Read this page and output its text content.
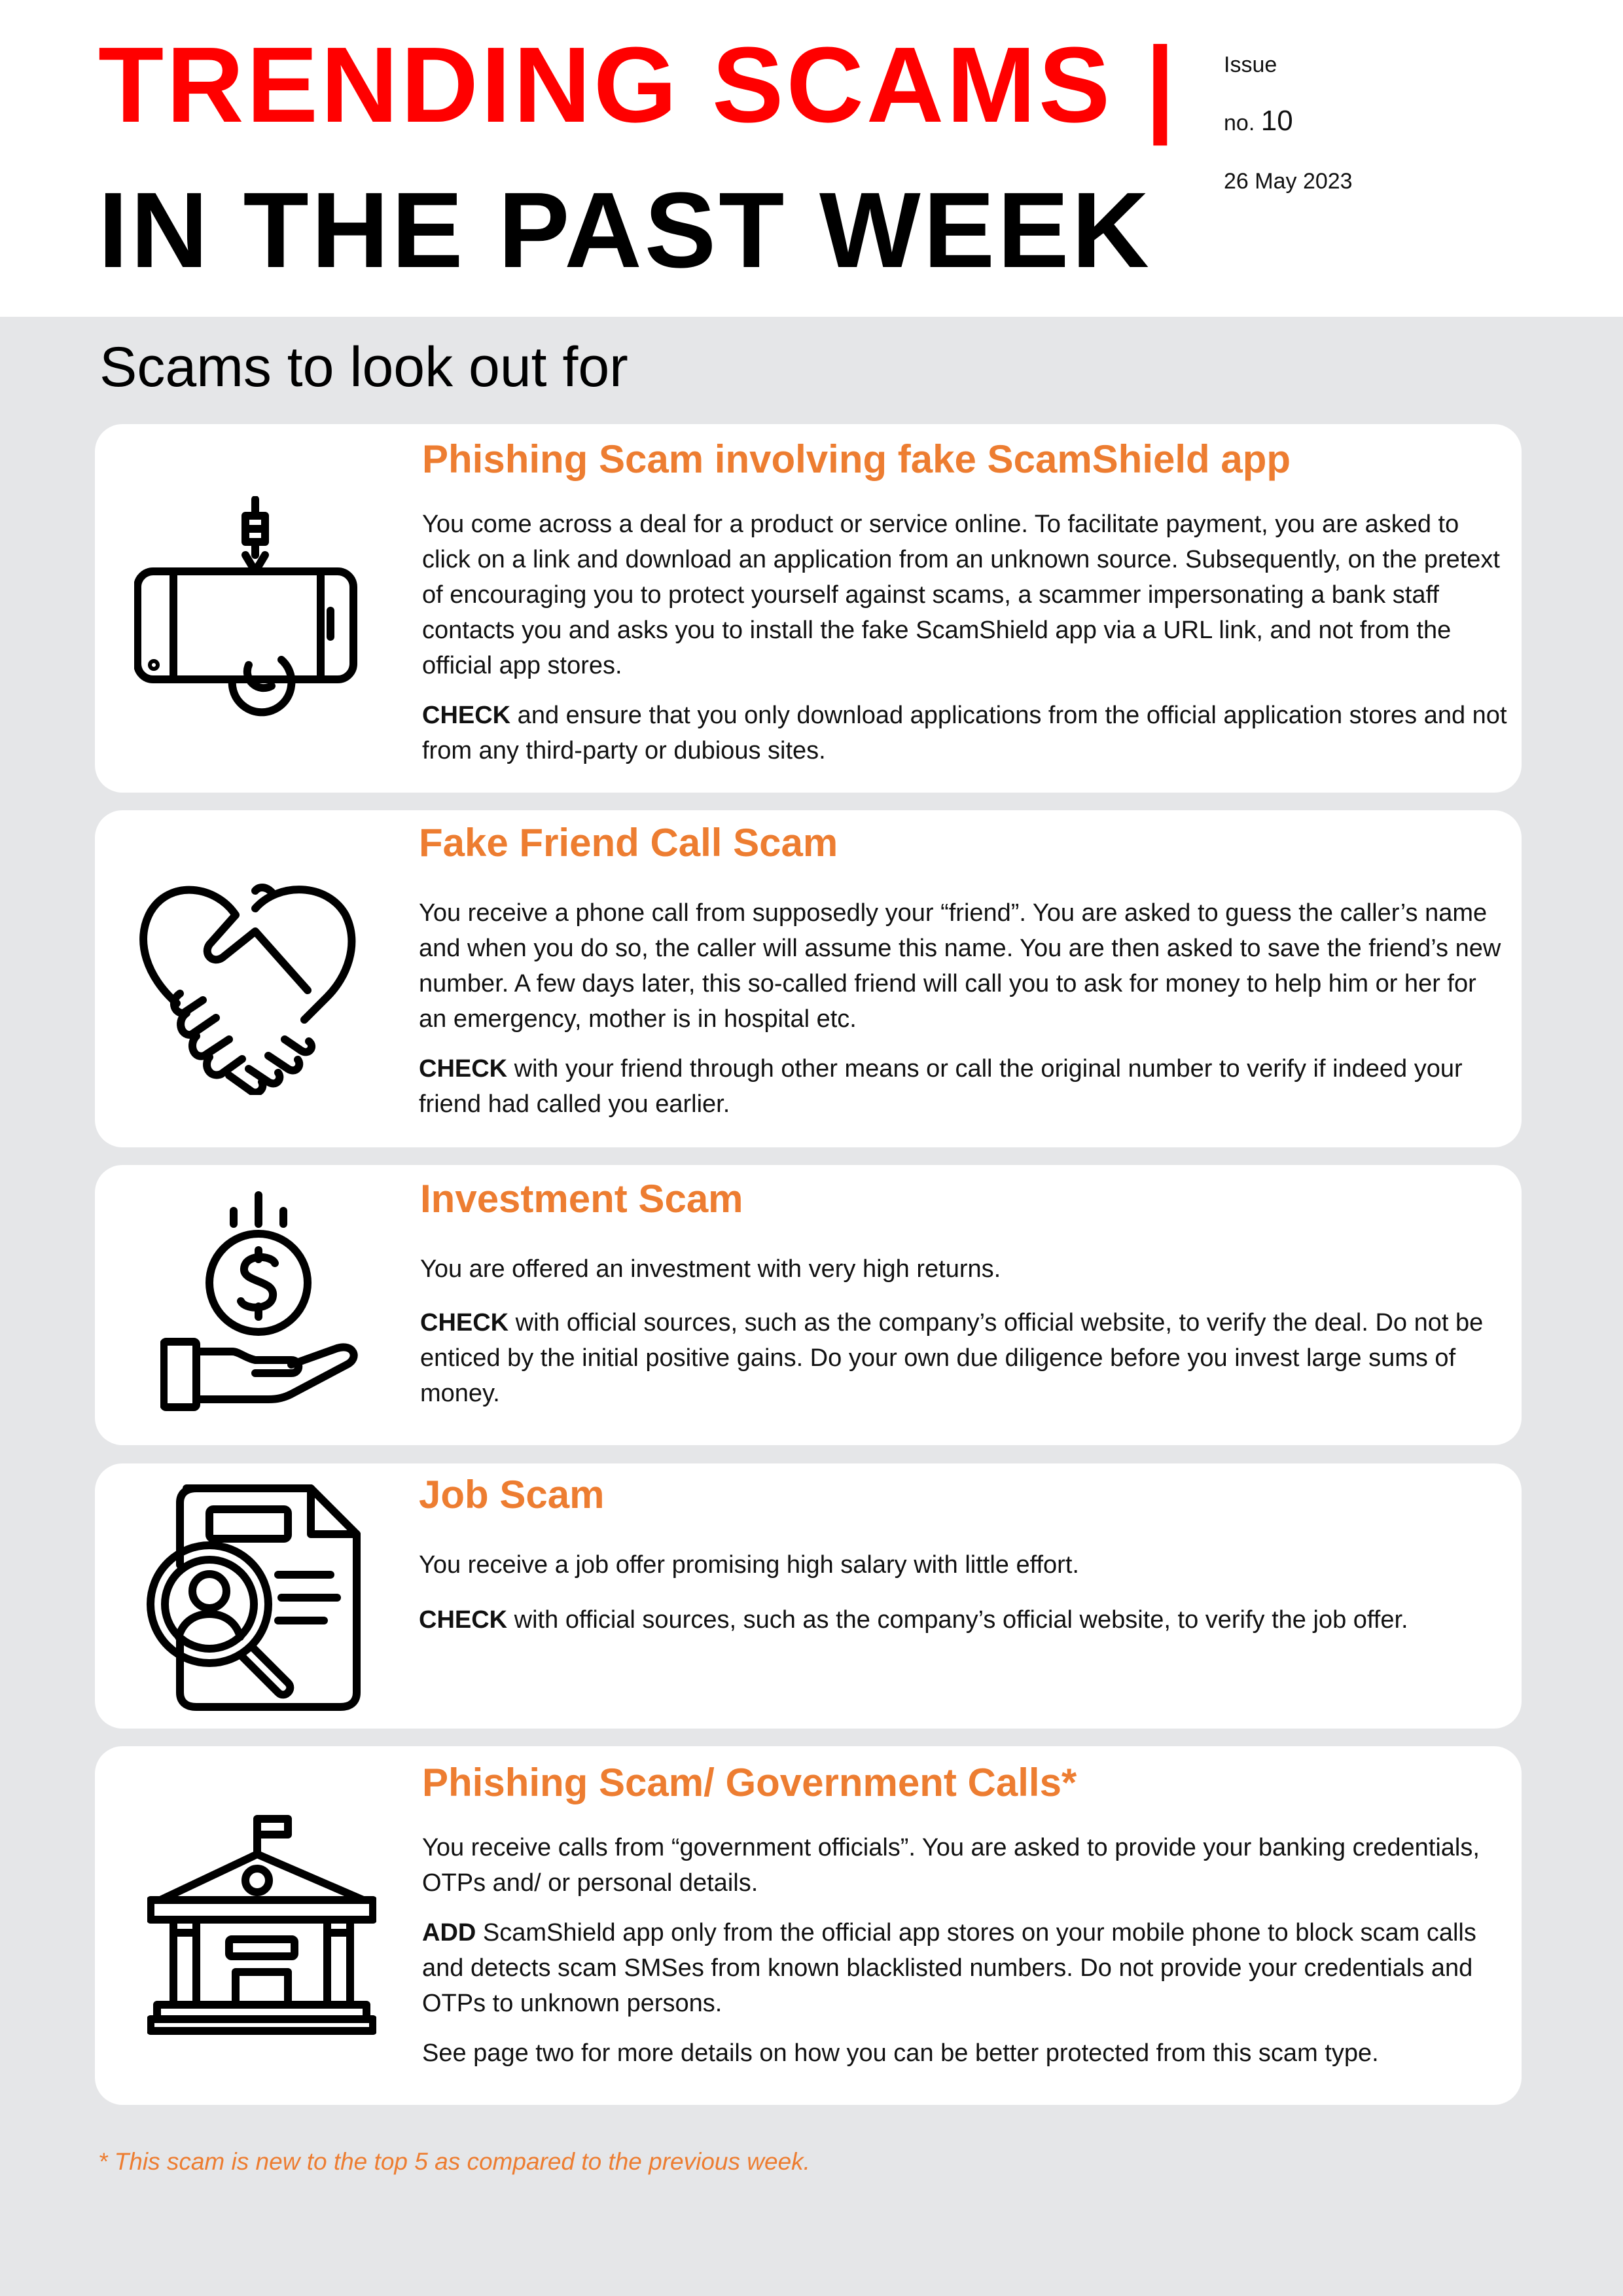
TRENDING SCAMS |
IN THE PAST WEEK
Issue
no. 10
26 May 2023
Scams to look out for
Phishing Scam involving fake ScamShield app

You come across a deal for a product or service online. To facilitate payment, you are asked to click on a link and download an application from an unknown source. Subsequently, on the pretext of encouraging you to protect yourself against scams, a scammer impersonating a bank staff contacts you and asks you to install the fake ScamShield app via a URL link, and not from the official app stores.

CHECK and ensure that you only download applications from the official application stores and not from any third-party or dubious sites.

Fake Friend Call Scam

You receive a phone call from supposedly your “friend”. You are asked to guess the caller’s name and when you do so, the caller will assume this name. You are then asked to save the friend’s new number. A few days later, this so-called friend will call you to ask for money to help him or her for an emergency, mother is in hospital etc.

CHECK with your friend through other means or call the original number to verify if indeed your friend had called you earlier.

Investment Scam

You are offered an investment with very high returns.

CHECK with official sources, such as the company’s official website, to verify the deal. Do not be enticed by the initial positive gains. Do your own due diligence before you invest large sums of money.

Job Scam

You receive a job offer promising high salary with little effort.

CHECK with official sources, such as the company’s official website, to verify the job offer.

Phishing Scam/ Government Calls*

You receive calls from “government officials”. You are asked to provide your banking credentials, OTPs and/ or personal details.

ADD ScamShield app only from the official app stores on your mobile phone to block scam calls and detects scam SMSes from known blacklisted numbers. Do not provide your credentials and OTPs to unknown persons.

See page two for more details on how you can be better protected from this scam type.

* This scam is new to the top 5 as compared to the previous week.
